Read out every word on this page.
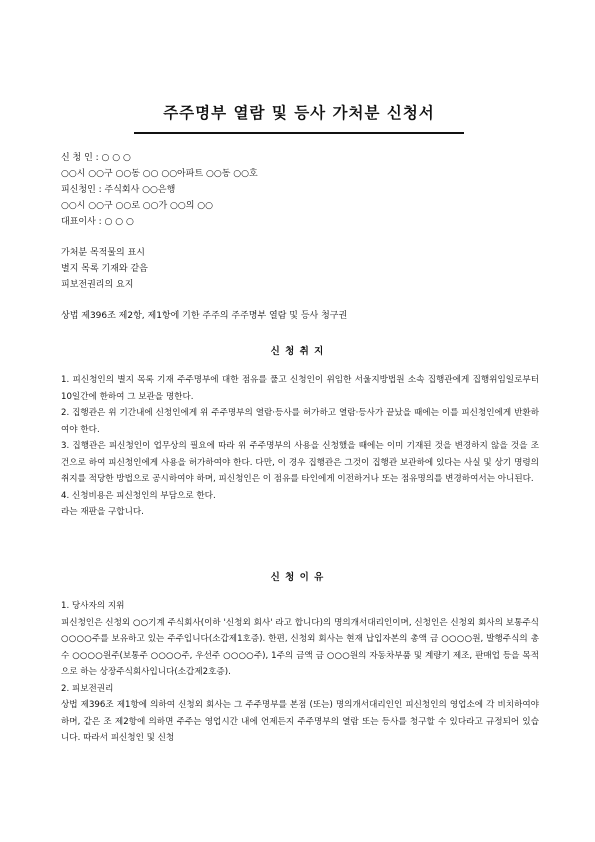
주주명부 열람 및 등사 가처분 신청서
신 청 인 : ○ ○ ○
○○시 ○○구 ○○동 ○○ ○○아파트 ○○동 ○○호
피신청인 : 주식회사 ○○은행
○○시 ○○구 ○○로 ○○가 ○○의 ○○
대표이사 : ○ ○ ○
가처분 목적물의 표시
별지 목록 기재와 같음
피보전권리의 요지
상법 제396조 제2항, 제1항에 기한 주주의 주주명부 열람 및 등사 청구권
신 청 취 지

1. 피신청인의 별지 목록 기재 주주명부에 대한 점유를 풀고 신청인이 위임한 서울지방법원 소속 집행관에게 집행위임일로부터 10일간에 한하여 그 보관을 명한다.

2. 집행관은 위 기간내에 신청인에게 위 주주명부의 열람·등사를 허가하고 열람·등사가 끝났을 때에는 이를 피신청인에게 반환하여야 한다.

3. 집행관은 피신청인이 업무상의 필요에 따라 위 주주명부의 사용을 신청했을 때에는 이미 기재된 것을 변경하지 않을 것을 조건으로 하여 피신청인에게 사용을 허가하여야 한다. 다만, 이 경우 집행관은 그것이 집행관 보관하에 있다는 사실 및 상기 명령의 취지를 적당한 방법으로 공시하여야 하며, 피신청인은 이 점유를 타인에게 이전하거나 또는 점유명의를 변경하여서는 아니된다.

4. 신청비용은 피신청인의 부담으로 한다.

라는 재판을 구합니다.

신 청 이 유

1. 당사자의 지위

피신청인은 신청외 ○○기계 주식회사(이하 '신청외 회사' 라고 합니다)의 명의개서대리인이며, 신청인은 신청외 회사의 보통주식 ○○○○주를 보유하고 있는 주주입니다(소갑제1호증). 한편, 신청외 회사는 현재 납입자본의 총액 금 ○○○○원, 발행주식의 총수 ○○○○원주(보통주 ○○○○주, 우선주 ○○○○주), 1주의 금액 금 ○○○원의 자동차부품 및 계량기 제조, 판매업 등을 목적으로 하는 상장주식회사입니다(소갑제2호증).

2. 피보전권리

상법 제396조 제1항에 의하여 신청외 회사는 그 주주명부를 본점 (또는) 명의개서대리인인 피신청인의 영업소에 각 비치하여야 하며, 같은 조 제2항에 의하면 주주는 영업시간 내에 언제든지 주주명부의 열람 또는 등사를 청구할 수 있다라고 규정되어 있습니다. 따라서 피신청인 및 신청
